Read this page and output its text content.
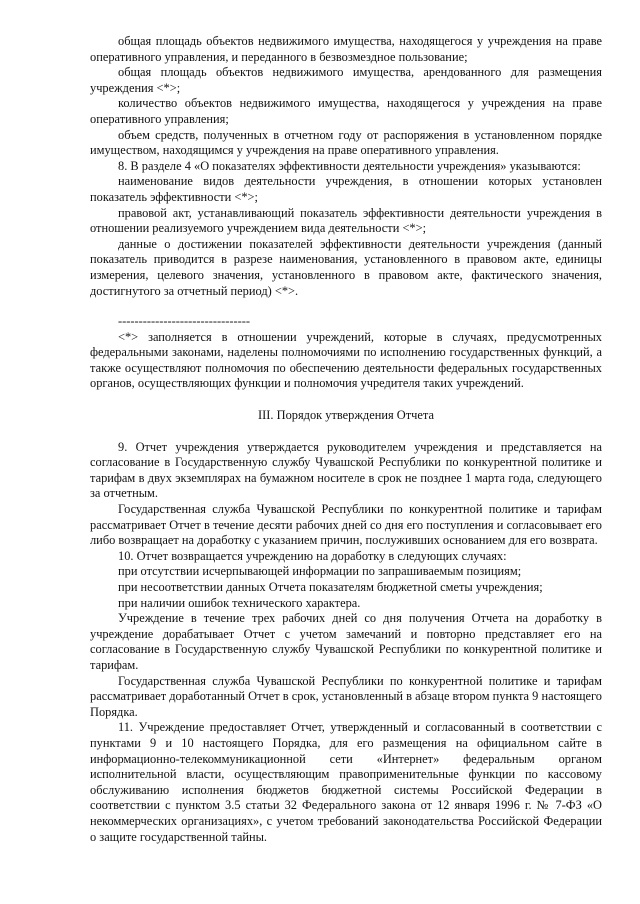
общая площадь объектов недвижимого имущества, находящегося у учреждения на праве оперативного управления, и переданного в безвозмездное пользование;

общая площадь объектов недвижимого имущества, арендованного для размещения учреждения <*>;

количество объектов недвижимого имущества, находящегося у учреждения на праве оперативного управления;

объем средств, полученных в отчетном году от распоряжения в установленном порядке имуществом, находящимся у учреждения на праве оперативного управления.

8. В разделе 4 «О показателях эффективности деятельности учреждения» указываются:

наименование видов деятельности учреждения, в отношении которых установлен показатель эффективности <*>;

правовой акт, устанавливающий показатель эффективности деятельности учреждения в отношении реализуемого учреждением вида деятельности <*>;

данные о достижении показателей эффективности деятельности учреждения (данный показатель приводится в разрезе наименования, установленного в правовом акте, единицы измерения, целевого значения, установленного в правовом акте, фактического значения, достигнутого за отчетный период) <*>.

--------------------------------

<*> заполняется в отношении учреждений, которые в случаях, предусмотренных федеральными законами, наделены полномочиями по исполнению государственных функций, а также осуществляют полномочия по обеспечению деятельности федеральных государственных органов, осуществляющих функции и полномочия учредителя таких учреждений.

III. Порядок утверждения Отчета

9. Отчет учреждения утверждается руководителем учреждения и представляется на согласование в Государственную службу Чувашской Республики по конкурентной политике и тарифам в двух экземплярах на бумажном носителе в срок не позднее 1 марта года, следующего за отчетным.

Государственная служба Чувашской Республики по конкурентной политике и тарифам рассматривает Отчет в течение десяти рабочих дней со дня его поступления и согласовывает его либо возвращает на доработку с указанием причин, послуживших основанием для его возврата.

10. Отчет возвращается учреждению на доработку в следующих случаях:

при отсутствии исчерпывающей информации по запрашиваемым позициям;

при несоответствии данных Отчета показателям бюджетной сметы учреждения;

при наличии ошибок технического характера.

Учреждение в течение трех рабочих дней со дня получения Отчета на доработку в учреждение дорабатывает Отчет с учетом замечаний и повторно представляет его на согласование в Государственную службу Чувашской Республики по конкурентной политике и тарифам.

Государственная служба Чувашской Республики по конкурентной политике и тарифам рассматривает доработанный Отчет в срок, установленный в абзаце втором пункта 9 настоящего Порядка.

11. Учреждение предоставляет Отчет, утвержденный и согласованный в соответствии с пунктами 9 и 10 настоящего Порядка, для его размещения на официальном сайте в информационно-телекоммуникационной сети «Интернет» федеральным органом исполнительной власти, осуществляющим правоприменительные функции по кассовому обслуживанию исполнения бюджетов бюджетной системы Российской Федерации в соответствии с пунктом 3.5 статьи 32 Федерального закона от 12 января 1996 г. № 7-ФЗ «О некоммерческих организациях», с учетом требований законодательства Российской Федерации о защите государственной тайны.
